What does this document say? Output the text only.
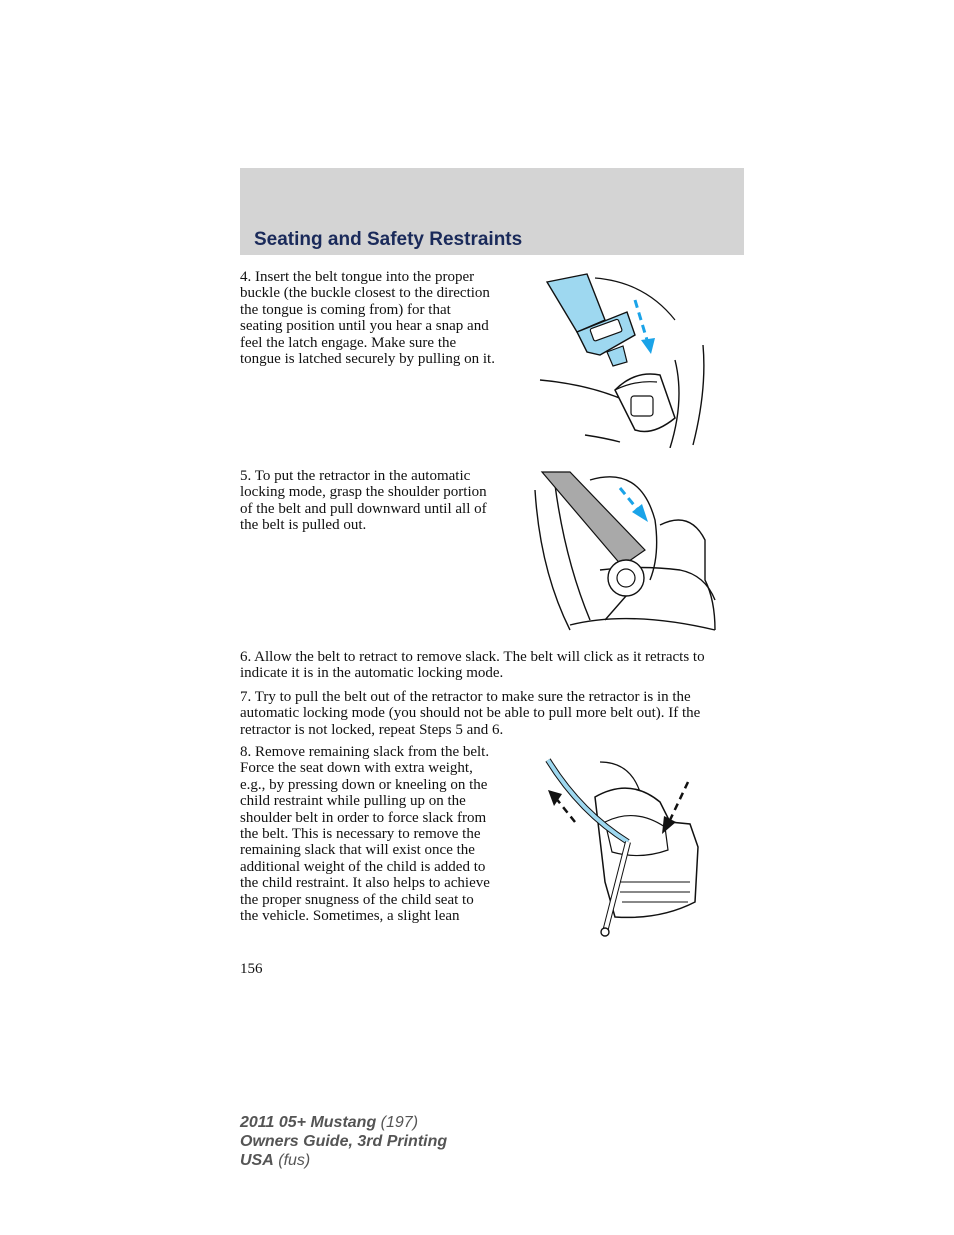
Seating and Safety Restraints

4. Insert the belt tongue into the proper buckle (the buckle closest to the direction the tongue is coming from) for that seating position until you hear a snap and feel the latch engage. Make sure the tongue is latched securely by pulling on it.

5. To put the retractor in the automatic locking mode, grasp the shoulder portion of the belt and pull downward until all of the belt is pulled out.

6. Allow the belt to retract to remove slack. The belt will click as it retracts to indicate it is in the automatic locking mode.

7. Try to pull the belt out of the retractor to make sure the retractor is in the automatic locking mode (you should not be able to pull more belt out). If the retractor is not locked, repeat Steps 5 and 6.

8. Remove remaining slack from the belt. Force the seat down with extra weight, e.g., by pressing down or kneeling on the child restraint while pulling up on the shoulder belt in order to force slack from the belt. This is necessary to remove the remaining slack that will exist once the additional weight of the child is added to the child restraint. It also helps to achieve the proper snugness of the child seat to the vehicle. Sometimes, a slight lean

156
2011 05+ Mustang (197)
Owners Guide, 3rd Printing
USA (fus)
